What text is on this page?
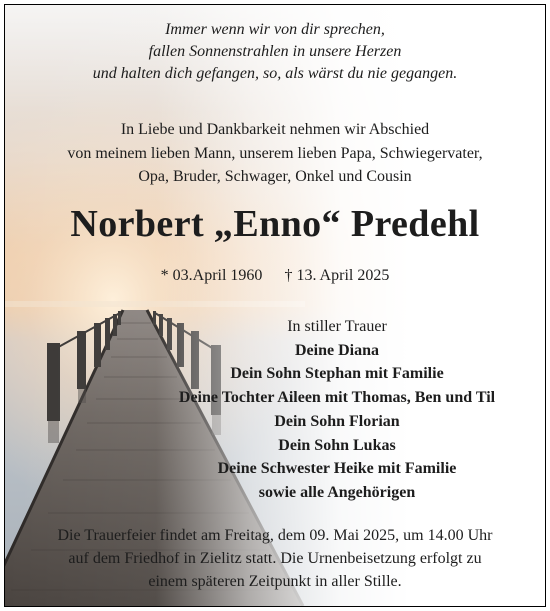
Immer wenn wir von dir sprechen,
fallen Sonnenstrahlen in unsere Herzen
und halten dich gefangen, so, als wärst du nie gegangen.
In Liebe und Dankbarkeit nehmen wir Abschied
von meinem lieben Mann, unserem lieben Papa, Schwiegervater,
Opa, Bruder, Schwager, Onkel und Cousin
Norbert „Enno“ Predehl
* 03.April 1960 † 13. April 2025
In stiller Trauer
Deine Diana
Dein Sohn Stephan mit Familie
Deine Tochter Aileen mit Thomas, Ben und Til
Dein Sohn Florian
Dein Sohn Lukas
Deine Schwester Heike mit Familie
sowie alle Angehörigen
Die Trauerfeier findet am Freitag, dem 09. Mai 2025, um 14.00 Uhr
auf dem Friedhof in Zielitz statt. Die Urnenbeisetzung erfolgt zu
einem späteren Zeitpunkt in aller Stille.
